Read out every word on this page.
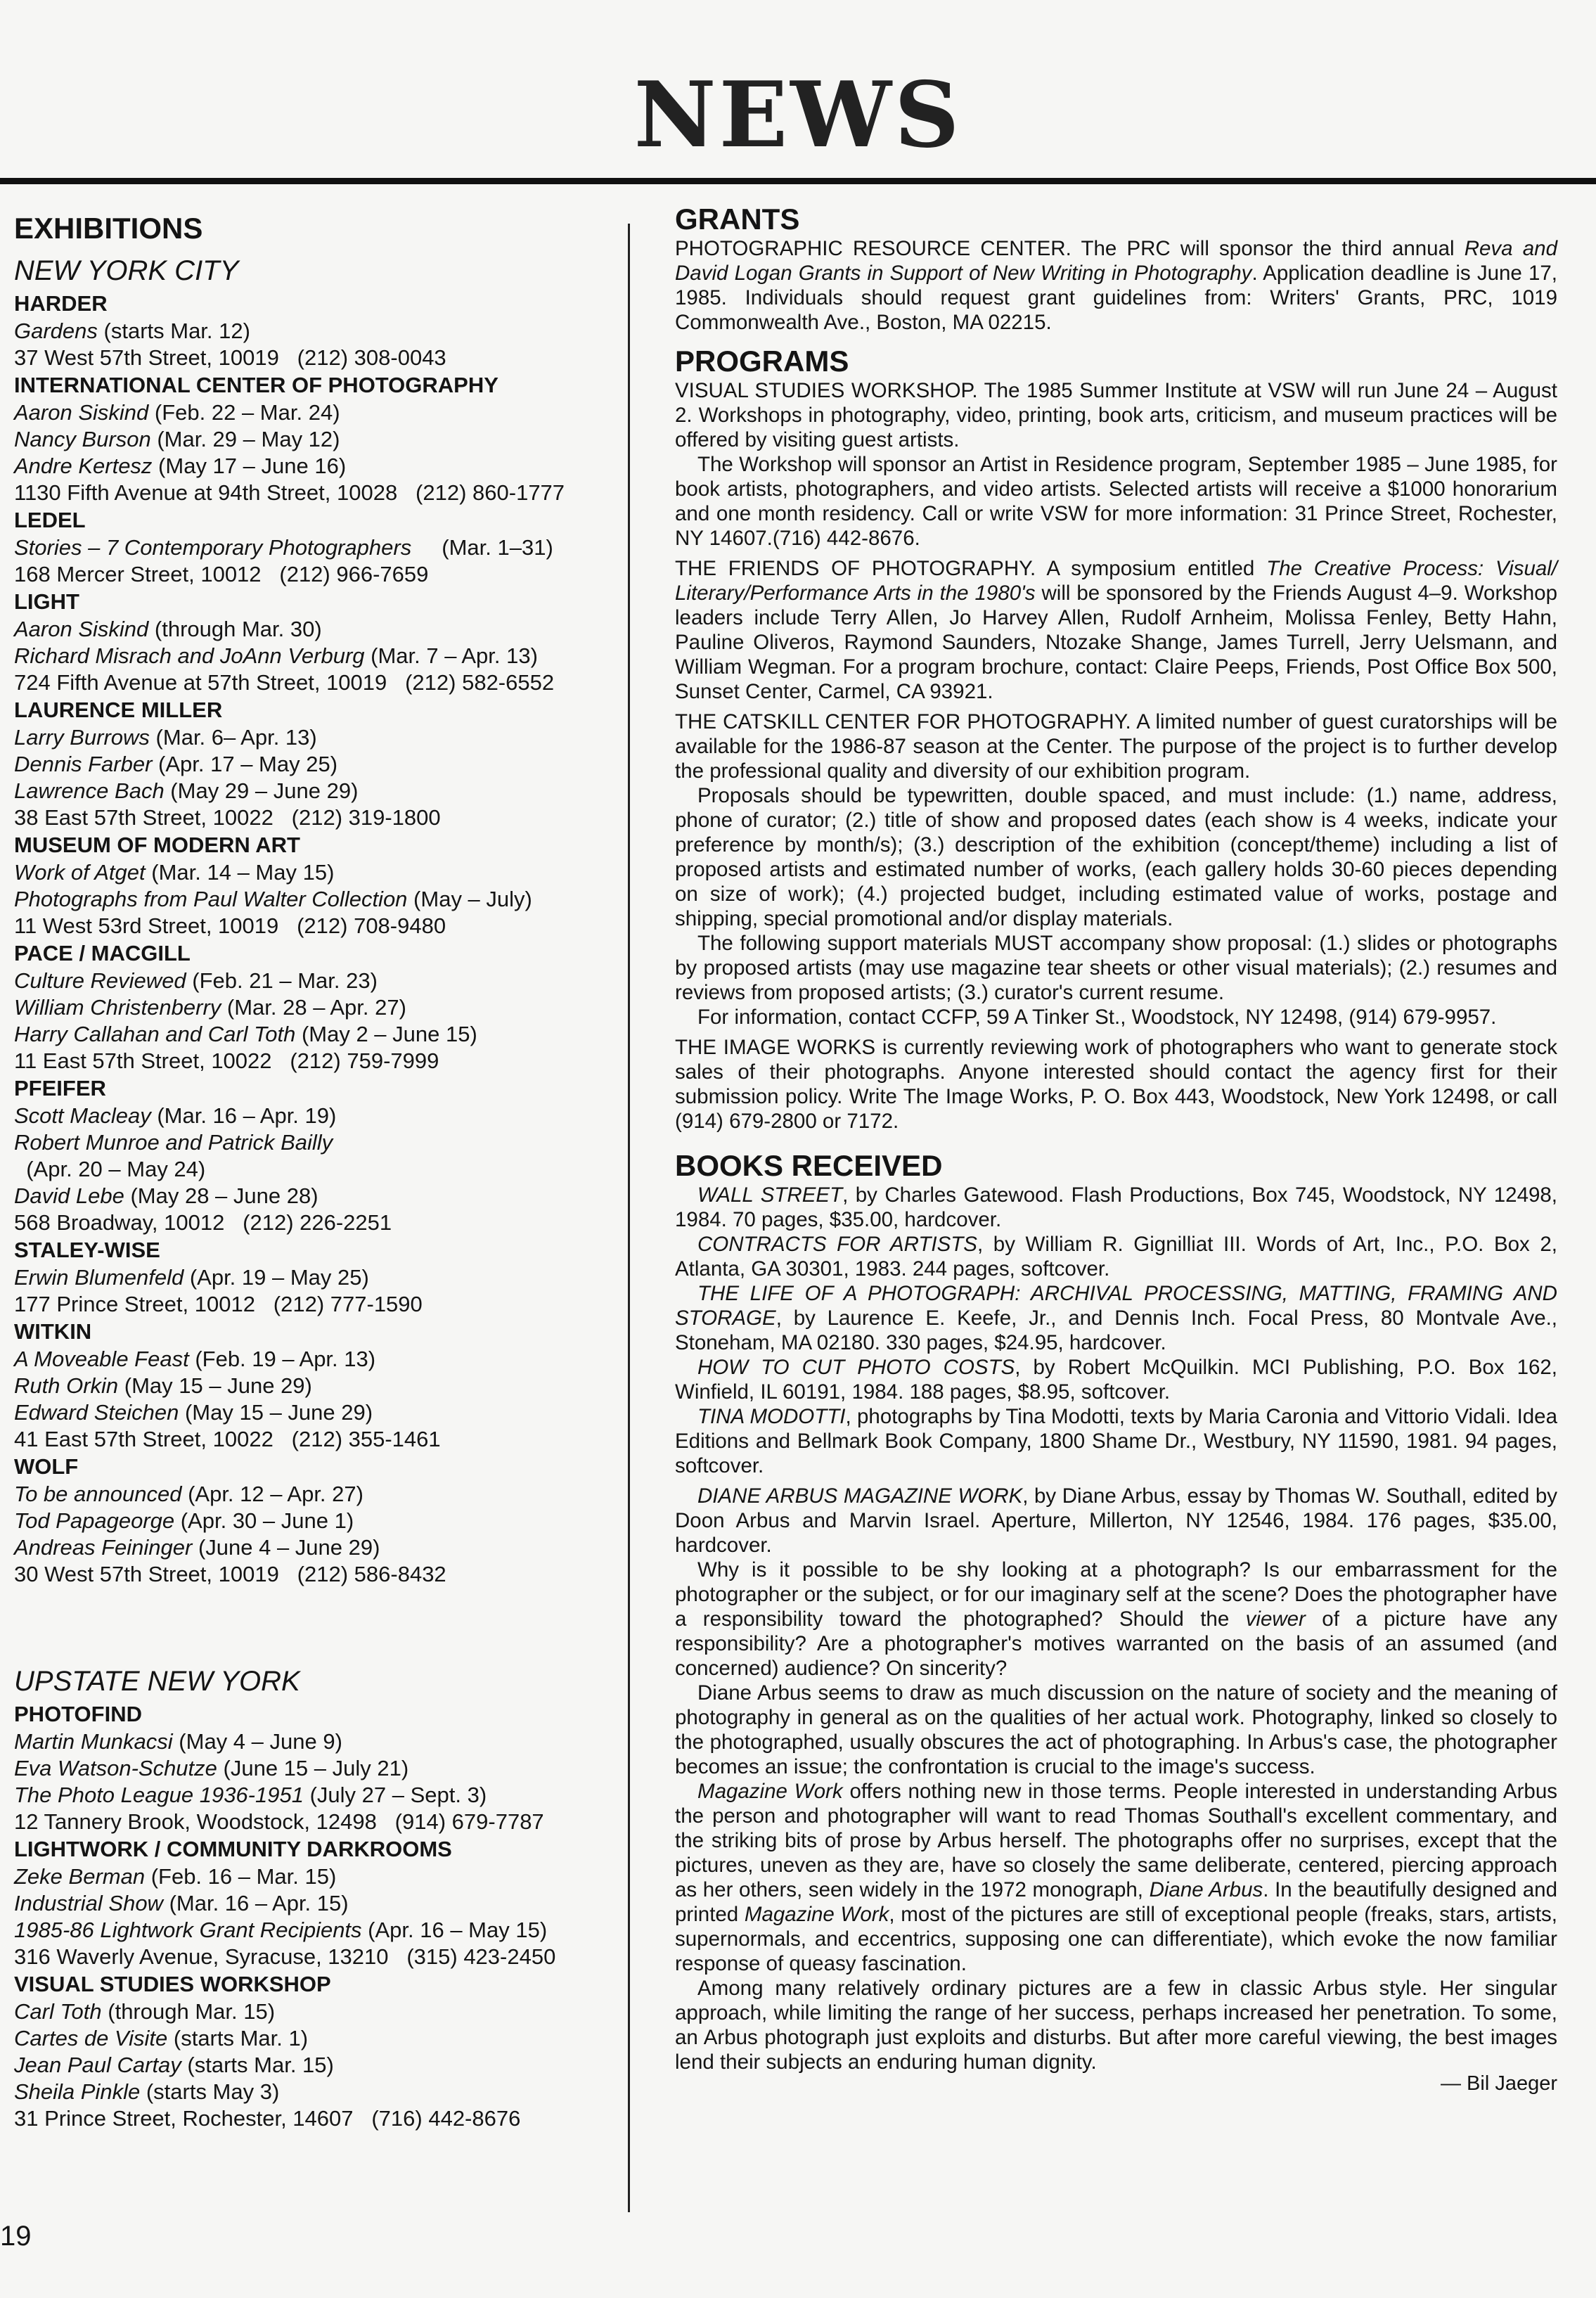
NEWS
EXHIBITIONS
NEW YORK CITY
HARDER
Gardens (starts Mar. 12)
37 West 57th Street, 10019   (212) 308-0043
INTERNATIONAL CENTER OF PHOTOGRAPHY
Aaron Siskind (Feb. 22 – Mar. 24)
Nancy Burson (Mar. 29 – May 12)
Andre Kertesz (May 17 – June 16)
1130 Fifth Avenue at 94th Street, 10028   (212) 860-1777
LEDEL
Stories – 7 Contemporary Photographers     (Mar. 1–31)
168 Mercer Street, 10012   (212) 966-7659
LIGHT
Aaron Siskind (through Mar. 30)
Richard Misrach and JoAnn Verburg (Mar. 7 – Apr. 13)
724 Fifth Avenue at 57th Street, 10019   (212) 582-6552
LAURENCE MILLER
Larry Burrows (Mar. 6– Apr. 13)
Dennis Farber (Apr. 17 – May 25)
Lawrence Bach (May 29 – June 29)
38 East 57th Street, 10022   (212) 319-1800
MUSEUM OF MODERN ART
Work of Atget (Mar. 14 – May 15)
Photographs from Paul Walter Collection (May – July)
11 West 53rd Street, 10019   (212) 708-9480
PACE / MACGILL
Culture Reviewed (Feb. 21 – Mar. 23)
William Christenberry (Mar. 28 – Apr. 27)
Harry Callahan and Carl Toth (May 2 – June 15)
11 East 57th Street, 10022   (212) 759-7999
PFEIFER
Scott Macleay (Mar. 16 – Apr. 19)
Robert Munroe and Patrick Bailly
(Apr. 20 – May 24)
David Lebe (May 28 – June 28)
568 Broadway, 10012   (212) 226-2251
STALEY-WISE
Erwin Blumenfeld (Apr. 19 – May 25)
177 Prince Street, 10012   (212) 777-1590
WITKIN
A Moveable Feast (Feb. 19 – Apr. 13)
Ruth Orkin (May 15 – June 29)
Edward Steichen (May 15 – June 29)
41 East 57th Street, 10022   (212) 355-1461
WOLF
To be announced (Apr. 12 – Apr. 27)
Tod Papageorge (Apr. 30 – June 1)
Andreas Feininger (June 4 – June 29)
30 West 57th Street, 10019   (212) 586-8432
UPSTATE NEW YORK
PHOTOFIND
Martin Munkacsi (May 4 – June 9)
Eva Watson-Schutze (June 15 – July 21)
The Photo League 1936-1951 (July 27 – Sept. 3)
12 Tannery Brook, Woodstock, 12498   (914) 679-7787
LIGHTWORK / COMMUNITY DARKROOMS
Zeke Berman (Feb. 16 – Mar. 15)
Industrial Show (Mar. 16 – Apr. 15)
1985-86 Lightwork Grant Recipients (Apr. 16 – May 15)
316 Waverly Avenue, Syracuse, 13210   (315) 423-2450
VISUAL STUDIES WORKSHOP
Carl Toth (through Mar. 15)
Cartes de Visite (starts Mar. 1)
Jean Paul Cartay (starts Mar. 15)
Sheila Pinkle (starts May 3)
31 Prince Street, Rochester, 14607   (716) 442-8676
GRANTS

PHOTOGRAPHIC RESOURCE CENTER. The PRC will sponsor the third annual Reva and David Logan Grants in Support of New Writing in Photography. Application deadline is June 17, 1985. Individuals should request grant guidelines from: Writers' Grants, PRC, 1019 Commonwealth Ave., Boston, MA 02215.

PROGRAMS

VISUAL STUDIES WORKSHOP. The 1985 Summer Institute at VSW will run June 24 – August 2. Workshops in photography, video, printing, book arts, criticism, and museum practices will be offered by visiting guest artists.

The Workshop will sponsor an Artist in Residence program, September 1985 – June 1985, for book artists, photographers, and video artists. Selected artists will receive a $1000 honorarium and one month residency. Call or write VSW for more information: 31 Prince Street, Rochester, NY 14607.(716) 442-8676.

THE FRIENDS OF PHOTOGRAPHY. A symposium entitled The Creative Process: Visual/ Literary/Performance Arts in the 1980's will be sponsored by the Friends August 4–9. Workshop leaders include Terry Allen, Jo Harvey Allen, Rudolf Arnheim, Molissa Fenley, Betty Hahn, Pauline Oliveros, Raymond Saunders, Ntozake Shange, James Turrell, Jerry Uelsmann, and William Wegman. For a program brochure, contact: Claire Peeps, Friends, Post Office Box 500, Sunset Center, Carmel, CA 93921.

THE CATSKILL CENTER FOR PHOTOGRAPHY. A limited number of guest curatorships will be available for the 1986-87 season at the Center. The purpose of the project is to further develop the professional quality and diversity of our exhibition program.

Proposals should be typewritten, double spaced, and must include: (1.) name, address, phone of curator; (2.) title of show and proposed dates (each show is 4 weeks, indicate your preference by month/s); (3.) description of the exhibition (concept/theme) including a list of proposed artists and estimated number of works, (each gallery holds 30-60 pieces depending on size of work); (4.) projected budget, including estimated value of works, postage and shipping, special promotional and/or display materials.

The following support materials MUST accompany show proposal: (1.) slides or photographs by proposed artists (may use magazine tear sheets or other visual materials); (2.) resumes and reviews from proposed artists; (3.) curator's current resume.

For information, contact CCFP, 59 A Tinker St., Woodstock, NY 12498, (914) 679-9957.

THE IMAGE WORKS is currently reviewing work of photographers who want to generate stock sales of their photographs. Anyone interested should contact the agency first for their submission policy. Write The Image Works, P. O. Box 443, Woodstock, New York 12498, or call (914) 679-2800 or 7172.

BOOKS RECEIVED

WALL STREET, by Charles Gatewood. Flash Productions, Box 745, Woodstock, NY 12498, 1984. 70 pages, $35.00, hardcover.

CONTRACTS FOR ARTISTS, by William R. Gignilliat III. Words of Art, Inc., P.O. Box 2, Atlanta, GA 30301, 1983. 244 pages, softcover.

THE LIFE OF A PHOTOGRAPH: ARCHIVAL PROCESSING, MATTING, FRAMING AND STORAGE, by Laurence E. Keefe, Jr., and Dennis Inch. Focal Press, 80 Montvale Ave., Stoneham, MA 02180. 330 pages, $24.95, hardcover.

HOW TO CUT PHOTO COSTS, by Robert McQuilkin. MCI Publishing, P.O. Box 162, Winfield, IL 60191, 1984. 188 pages, $8.95, softcover.

TINA MODOTTI, photographs by Tina Modotti, texts by Maria Caronia and Vittorio Vidali. Idea Editions and Bellmark Book Company, 1800 Shame Dr., Westbury, NY 11590, 1981. 94 pages, softcover.

DIANE ARBUS MAGAZINE WORK, by Diane Arbus, essay by Thomas W. Southall, edited by Doon Arbus and Marvin Israel. Aperture, Millerton, NY 12546, 1984. 176 pages, $35.00, hardcover.

Why is it possible to be shy looking at a photograph? Is our embarrassment for the photographer or the subject, or for our imaginary self at the scene? Does the photographer have a responsibility toward the photographed? Should the viewer of a picture have any responsibility? Are a photographer's motives warranted on the basis of an assumed (and concerned) audience? On sincerity?

Diane Arbus seems to draw as much discussion on the nature of society and the meaning of photography in general as on the qualities of her actual work. Photography, linked so closely to the photographed, usually obscures the act of photographing. In Arbus's case, the photographer becomes an issue; the confrontation is crucial to the image's success.

Magazine Work offers nothing new in those terms. People interested in understanding Arbus the person and photographer will want to read Thomas Southall's excellent commentary, and the striking bits of prose by Arbus herself. The photographs offer no surprises, except that the pictures, uneven as they are, have so closely the same deliberate, centered, piercing approach as her others, seen widely in the 1972 monograph, Diane Arbus. In the beautifully designed and printed Magazine Work, most of the pictures are still of exceptional people (freaks, stars, artists, supernormals, and eccentrics, supposing one can differentiate), which evoke the now familiar response of queasy fascination.

Among many relatively ordinary pictures are a few in classic Arbus style. Her singular approach, while limiting the range of her success, perhaps increased her penetration. To some, an Arbus photograph just exploits and disturbs. But after more careful viewing, the best images lend their subjects an enduring human dignity.

— Bil Jaeger
19
